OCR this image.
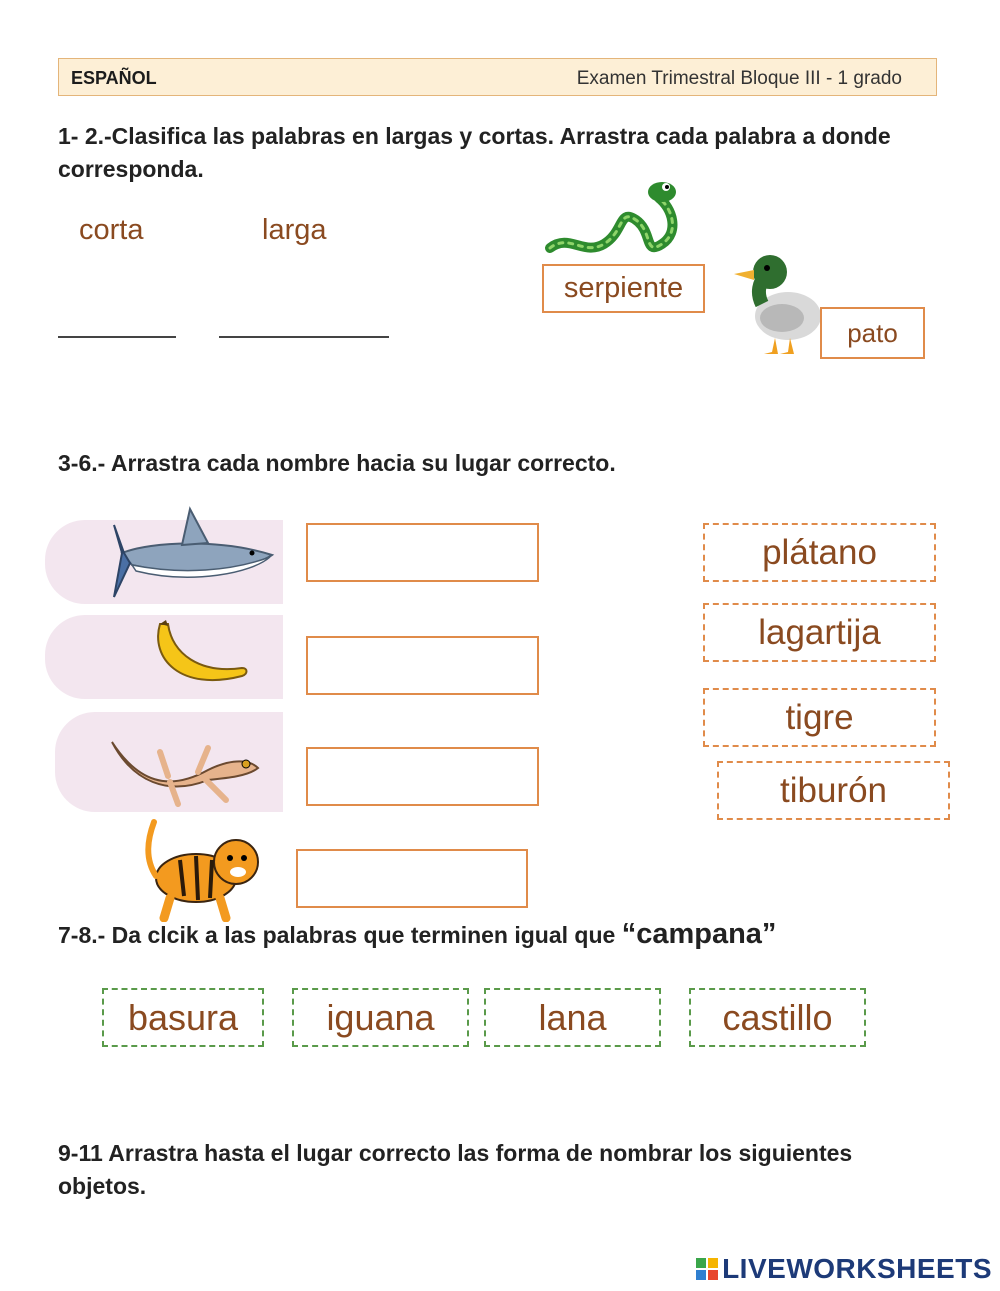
ESPAÑOL	Examen Trimestral Bloque III - 1 grado
1- 2.-Clasifica las palabras en largas y cortas. Arrastra cada palabra a donde corresponda.
corta	larga
serpiente
pato
3-6.- Arrastra cada nombre hacia su lugar correcto.
plátano
lagartija
tigre
tiburón
7-8.- Da clcik a las palabras que terminen igual que “campana”
basura	iguana	lana	castillo
9-11 Arrastra hasta el lugar correcto las forma de nombrar los siguientes objetos.
LIVEWORKSHEETS
